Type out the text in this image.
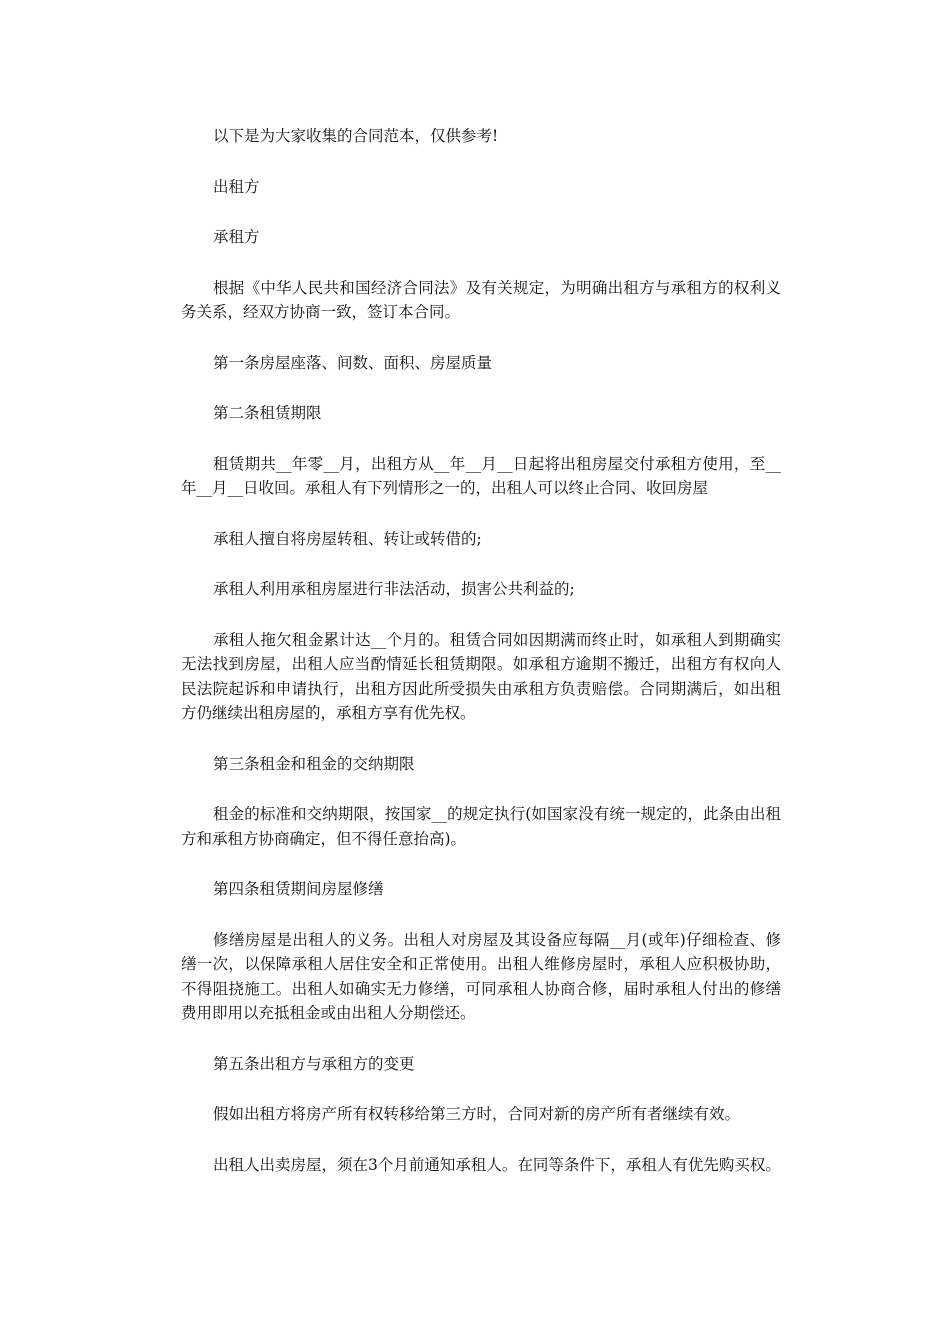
以下是为大家收集的合同范本，仅供参考!

出租方

承租方

根据《中华人民共和国经济合同法》及有关规定，为明确出租方与承租方的权利义务关系，经双方协商一致，签订本合同。

第一条房屋座落、间数、面积、房屋质量

第二条租赁期限

租赁期共__年零__月，出租方从__年__月__日起将出租房屋交付承租方使用，至__年__月__日收回。承租人有下列情形之一的，出租人可以终止合同、收回房屋

承租人擅自将房屋转租、转让或转借的;

承租人利用承租房屋进行非法活动，损害公共利益的;

承租人拖欠租金累计达__个月的。租赁合同如因期满而终止时，如承租人到期确实无法找到房屋，出租人应当酌情延长租赁期限。如承租方逾期不搬迁，出租方有权向人民法院起诉和申请执行，出租方因此所受损失由承租方负责赔偿。合同期满后，如出租方仍继续出租房屋的，承租方享有优先权。

第三条租金和租金的交纳期限

租金的标准和交纳期限，按国家__的规定执行(如国家没有统一规定的，此条由出租方和承租方协商确定，但不得任意抬高)。

第四条租赁期间房屋修缮

修缮房屋是出租人的义务。出租人对房屋及其设备应每隔__月(或年)仔细检查、修缮一次，以保障承租人居住安全和正常使用。出租人维修房屋时，承租人应积极协助，不得阻挠施工。出租人如确实无力修缮，可同承租人协商合修，届时承租人付出的修缮费用即用以充抵租金或由出租人分期偿还。

第五条出租方与承租方的变更

假如出租方将房产所有权转移给第三方时，合同对新的房产所有者继续有效。

出租人出卖房屋，须在3个月前通知承租人。在同等条件下，承租人有优先购买权。
